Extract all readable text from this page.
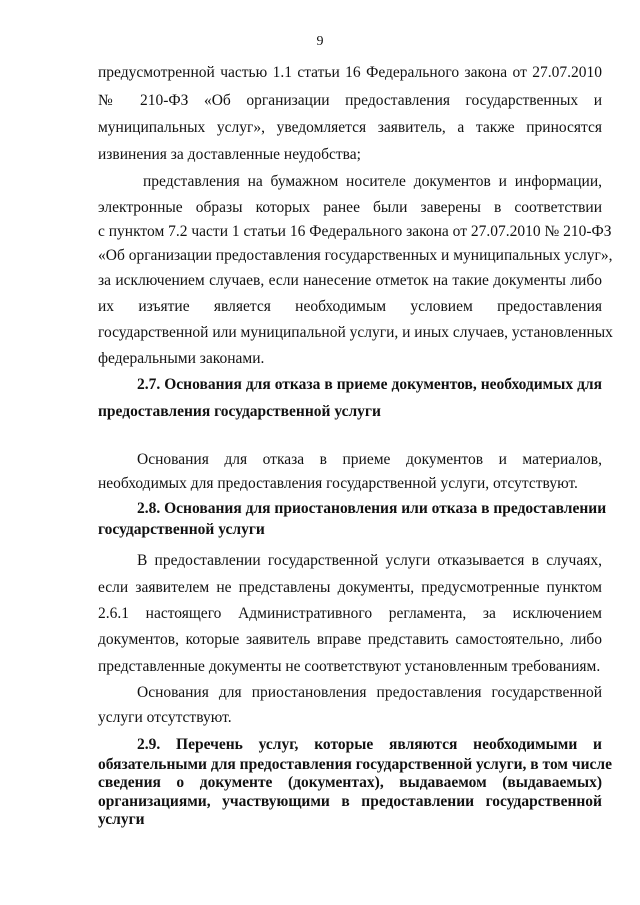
9

предусмотренной частью 1.1 статьи 16 Федерального закона от 27.07.2010

№ 210-ФЗ «Об организации предоставления государственных и

муниципальных услуг», уведомляется заявитель, а также приносятся

извинения за доставленные неудобства;

представления на бумажном носителе документов и информации,

электронные образы которых ранее были заверены в соответствии

с пунктом 7.2 части 1 статьи 16 Федерального закона от 27.07.2010 № 210-ФЗ

«Об организации предоставления государственных и муниципальных услуг»,

за исключением случаев, если нанесение отметок на такие документы либо

их изъятие является необходимым условием предоставления

государственной или муниципальной услуги, и иных случаев, установленных

федеральными законами.

2.7. Основания для отказа в приеме документов, необходимых для

предоставления государственной услуги

Основания для отказа в приеме документов и материалов,

необходимых для предоставления государственной услуги, отсутствуют.

2.8. Основания для приостановления или отказа в предоставлении

государственной услуги

В предоставлении государственной услуги отказывается в случаях,

если заявителем не представлены документы, предусмотренные пунктом

2.6.1 настоящего Административного регламента, за исключением

документов, которые заявитель вправе представить самостоятельно, либо

представленные документы не соответствуют установленным требованиям.

Основания для приостановления предоставления государственной

услуги отсутствуют.

2.9. Перечень услуг, которые являются необходимыми и

обязательными для предоставления государственной услуги, в том числе

сведения о документе (документах), выдаваемом (выдаваемых)

организациями, участвующими в предоставлении государственной

услуги
